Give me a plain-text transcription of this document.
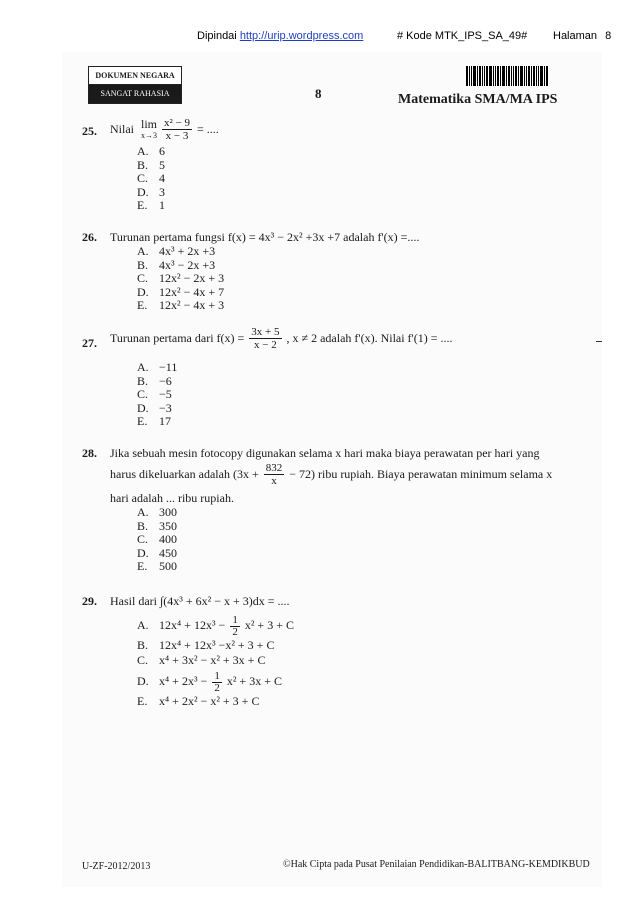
Dipindai http://urip.wordpress.com	# Kode MTK_IPS_SA_49# Halaman 8
DOKUMEN NEGARA
SANGAT RAHASIA	8	Matematika SMA/MA IPS
25. Nilai lim
x→3
$\frac{\text{x² − 9}}{x - 3}$ = ....
A. 6
B. 5
C. 4
D. 3
E. 1
26. Turunan pertama fungsi f(x) = 4x³ − 2x² +3x +7 adalah f'(x) =....
A. 4x³ + 2x +3
B. 4x³ − 2x +3
C. 12x² − 2x + 3
D. 12x² − 4x + 7
E. 12x² − 4x + 3
27. Turunan pertama dari $f(x) = \frac{3x + 5}{x - 2}$ , x ≠ 2 adalah f'(x). Nilai f'(1) = ....
A. −11
B. −6
C. −5
D. −3
E. 17
28. Jika sebuah mesin fotocopy digunakan selama x hari maka biaya perawatan per hari yang
harus dikeluarkan adalah $(3x + \frac{832}{x} - 72)$ ribu rupiah. Biaya perawatan minimum selama x
hari adalah ... ribu rupiah.
A. 300
B. 350
C. 400
D. 450
E. 500
29. Hasil dari ∫(4x³ + 6x² − x + 3)dx = ....
A. $12x^4 + 12x^3 - \frac{1}{2} x^2 + 3 + C$
B. 12x⁴ + 12x³ −x² + 3 + C
C. x⁴ + 3x² − x² + 3x + C
D. $x^4 + 2x^3 - \frac{1}{2} x^2 + 3x + C$
E. x⁴ + 2x² − x² + 3 + C
U-ZF-2012/2013	©Hak Cipta pada Pusat Penilaian Pendidikan-BALITBANG-KEMDIKBUD
